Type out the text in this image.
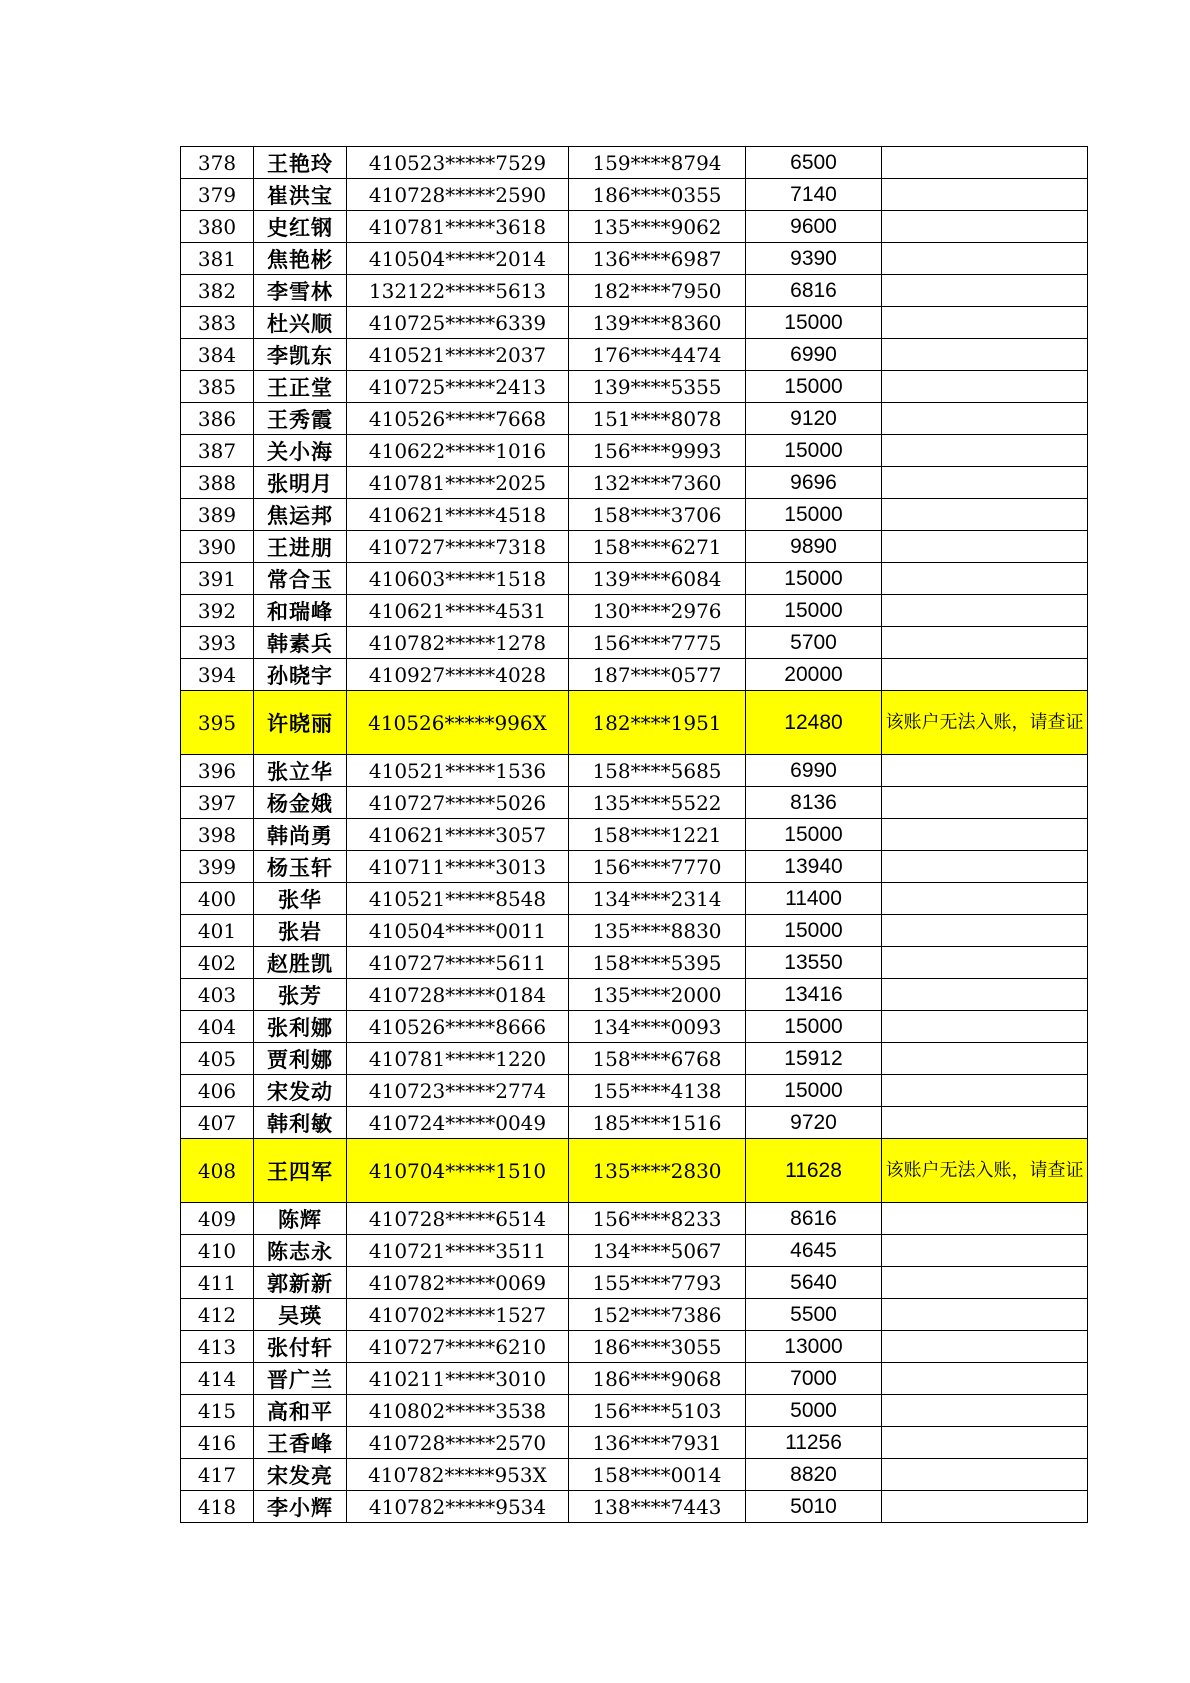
378	王艳玲	410523*****7529	159****8794	6500	
379	崔洪宝	410728*****2590	186****0355	7140	
380	史红钢	410781*****3618	135****9062	9600	
381	焦艳彬	410504*****2014	136****6987	9390	
382	李雪林	132122*****5613	182****7950	6816	
383	杜兴顺	410725*****6339	139****8360	15000	
384	李凯东	410521*****2037	176****4474	6990	
385	王正堂	410725*****2413	139****5355	15000	
386	王秀霞	410526*****7668	151****8078	9120	
387	关小海	410622*****1016	156****9993	15000	
388	张明月	410781*****2025	132****7360	9696	
389	焦运邦	410621*****4518	158****3706	15000	
390	王进朋	410727*****7318	158****6271	9890	
391	常合玉	410603*****1518	139****6084	15000	
392	和瑞峰	410621*****4531	130****2976	15000	
393	韩素兵	410782*****1278	156****7775	5700	
394	孙晓宇	410927*****4028	187****0577	20000	
395	许晓丽	410526*****996X	182****1951	12480	该账户无法入账，请查证
396	张立华	410521*****1536	158****5685	6990	
397	杨金娥	410727*****5026	135****5522	8136	
398	韩尚勇	410621*****3057	158****1221	15000	
399	杨玉轩	410711*****3013	156****7770	13940	
400	张华	410521*****8548	134****2314	11400	
401	张岩	410504*****0011	135****8830	15000	
402	赵胜凯	410727*****5611	158****5395	13550	
403	张芳	410728*****0184	135****2000	13416	
404	张利娜	410526*****8666	134****0093	15000	
405	贾利娜	410781*****1220	158****6768	15912	
406	宋发动	410723*****2774	155****4138	15000	
407	韩利敏	410724*****0049	185****1516	9720	
408	王四军	410704*****1510	135****2830	11628	该账户无法入账，请查证
409	陈辉	410728*****6514	156****8233	8616	
410	陈志永	410721*****3511	134****5067	4645	
411	郭新新	410782*****0069	155****7793	5640	
412	吴瑛	410702*****1527	152****7386	5500	
413	张付轩	410727*****6210	186****3055	13000	
414	晋广兰	410211*****3010	186****9068	7000	
415	高和平	410802*****3538	156****5103	5000	
416	王香峰	410728*****2570	136****7931	11256	
417	宋发亮	410782*****953X	158****0014	8820	
418	李小辉	410782*****9534	138****7443	5010	
